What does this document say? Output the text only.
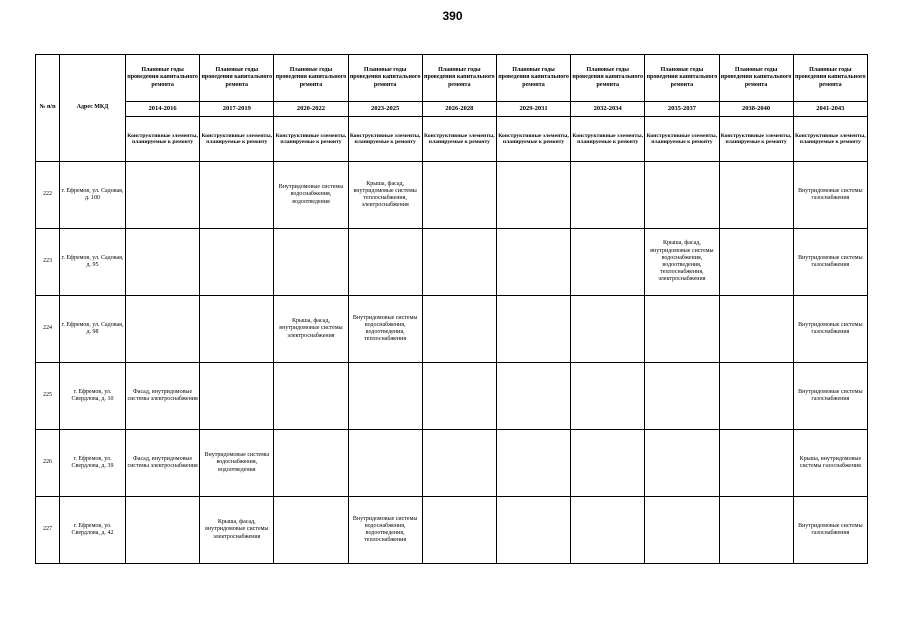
390
№ п/п	Адрес МКД	Плановые годы проведения капитального ремонта	Плановые годы проведения капитального ремонта	Плановые годы проведения капитального ремонта	Плановые годы проведения капитального ремонта	Плановые годы проведения капитального ремонта	Плановые годы проведения капитального ремонта	Плановые годы проведения капитального ремонта	Плановые годы проведения капитального ремонта	Плановые годы проведения капитального ремонта	Плановые годы проведения капитального ремонта
		2014-2016	2017-2019	2020-2022	2023-2025	2026-2028	2029-2031	2032-2034	2035-2037	2038-2040	2041-2043
		Конструктивные элементы, планируемые к ремонту	Конструктивные элементы, планируемые к ремонту	Конструктивные элементы, планируемые к ремонту	Конструктивные элементы, планируемые к ремонту	Конструктивные элементы, планируемые к ремонту	Конструктивные элементы, планируемые к ремонту	Конструктивные элементы, планируемые к ремонту	Конструктивные элементы, планируемые к ремонту	Конструктивные элементы, планируемые к ремонту	Конструктивные элементы, планируемые к ремонту
222	г. Ефремов, ул. Садовая, д. 100			Внутридомовые системы водоснабжения, водоотведения	Крыша, фасад, внутридомовые системы теплоснабжения, электроснабжения						Внутридомовые системы газоснабжения
223	г. Ефремов, ул. Садовая, д. 95								Крыша, фасад, внутридомовые системы водоснабжения, водоотведения, теплоснабжения, электроснабжения		Внутридомовые системы газоснабжения
224	г. Ефремов, ул. Садовая, д. 98			Крыша, фасад, внутридомовые системы электроснабжения	Внутридомовые системы водоснабжения, водоотведения, теплоснабжения						Внутридомовые системы газоснабжения
225	г. Ефремов, ул. Свердлова, д. 10	Фасад, внутридомовые системы электроснабжения									Внутридомовые системы газоснабжения
226	г. Ефремов, ул. Свердлова, д. 39	Фасад, внутридомовые системы электроснабжения	Внутридомовые системы водоснабжения, водоотведения								Крыша, внутридомовые системы газоснабжения
227	г. Ефремов, ул. Свердлова, д. 42		Крыша, фасад, внутридомовые системы электроснабжения		Внутридомовые системы водоснабжения, водоотведения, теплоснабжения						Внутридомовые системы газоснабжения
